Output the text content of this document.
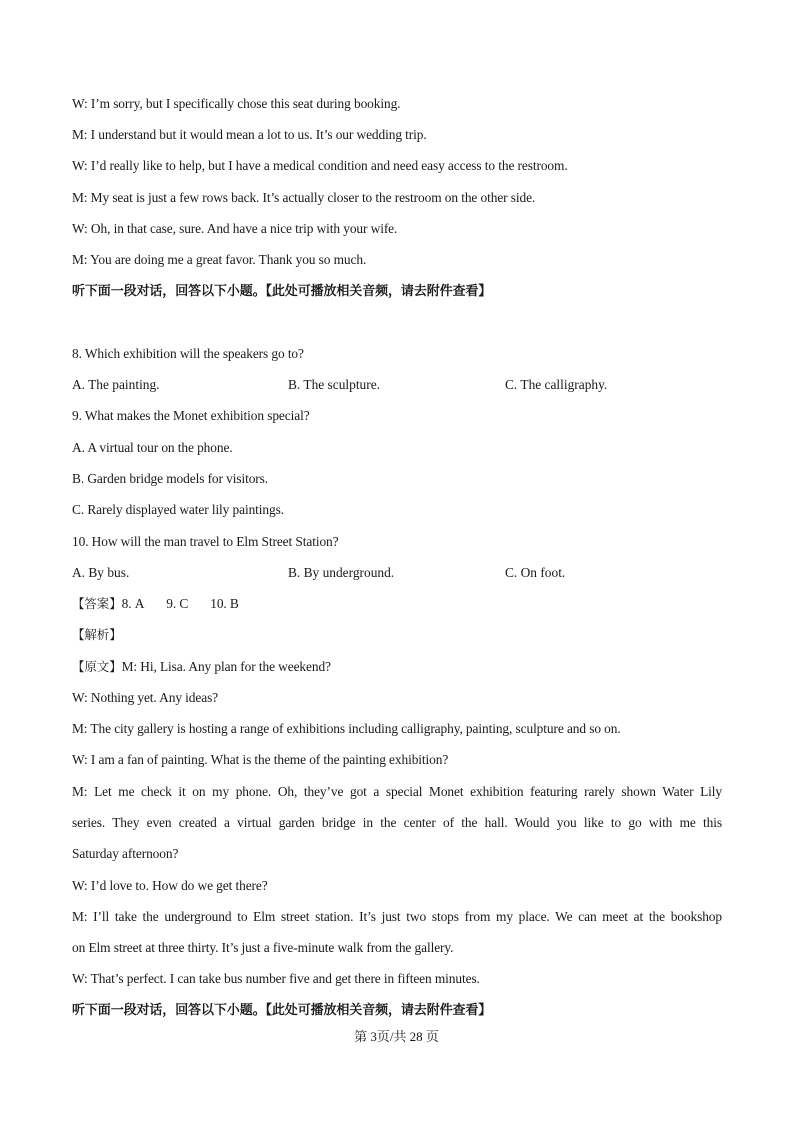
W: I’m sorry, but I specifically chose this seat during booking.
M: I understand but it would mean a lot to us. It’s our wedding trip.
W: I’d really like to help, but I have a medical condition and need easy access to the restroom.
M: My seat is just a few rows back. It’s actually closer to the restroom on the other side.
W: Oh, in that case, sure. And have a nice trip with your wife.
M: You are doing me a great favor. Thank you so much.
听下面一段对话，回答以下小题。【此处可播放相关音频，请去附件查看】
8. Which exhibition will the speakers go to?
A. The painting.	B. The sculpture.	C. The calligraphy.
9. What makes the Monet exhibition special?
A. A virtual tour on the phone.
B. Garden bridge models for visitors.
C. Rarely displayed water lily paintings.
10. How will the man travel to Elm Street Station?
A. By bus.	B. By underground.	C. On foot.
【答案】8. A 9. C 10. B
【解析】
【原文】M: Hi, Lisa. Any plan for the weekend?
W: Nothing yet. Any ideas?
M: The city gallery is hosting a range of exhibitions including calligraphy, painting, sculpture and so on.
W: I am a fan of painting. What is the theme of the painting exhibition?
M: Let me check it on my phone. Oh, they’ve got a special Monet exhibition featuring rarely shown Water Lily
series. They even created a virtual garden bridge in the center of the hall. Would you like to go with me this
Saturday afternoon?
W: I’d love to. How do we get there?
M: I’ll take the underground to Elm street station. It’s just two stops from my place. We can meet at the bookshop
on Elm street at three thirty. It’s just a five-minute walk from the gallery.
W: That’s perfect. I can take bus number five and get there in fifteen minutes.
听下面一段对话，回答以下小题。【此处可播放相关音频，请去附件查看】
第 3页/共 28 页
